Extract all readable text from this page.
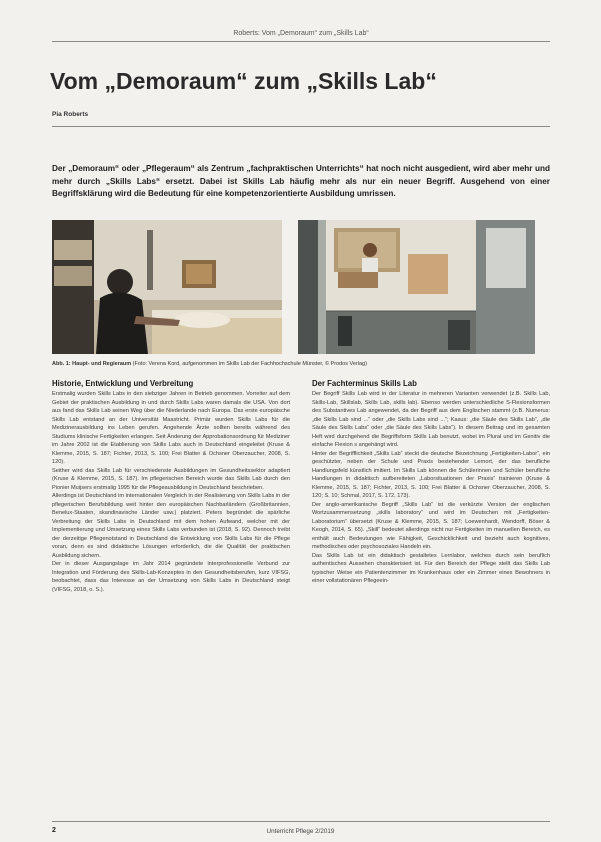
Roberts: Vom „Demoraum“ zum „Skills Lab“
Vom „Demoraum“ zum „Skills Lab“
Pia Roberts

Der „Demoraum“ oder „Pflegeraum“ als Zentrum „fachpraktischen Unterrichts“ hat noch nicht ausgedient, wird aber mehr und mehr durch „Skills Labs“ ersetzt. Dabei ist Skills Lab häufig mehr als nur ein neuer Begriff. Ausgehend von einer Begriffsklärung wird die Bedeutung für eine kompetenzorientierte Ausbildung umrissen.

Abb. 1: Haupt- und Regieraum (Foto: Verena Kord, aufgenommen im Skills Lab der Fachhochschule Münster, © Prodos Verlag)
Historie, Entwicklung und Verbreitung

Erstmalig wurden Skills Labs in den siebziger Jahren in Betrieb genommen. Vorreiter auf dem Gebiet der praktischen Ausbildung in und durch Skills Labs waren damals die USA. Von dort aus fand das Skills Lab seinen Weg über die Niederlande nach Europa. Das erste europäische Skills Lab entstand an der Universität Maastricht. Primär wurden Skills Labs für die Medizinerausbildung ins Leben gerufen. Angehende Ärzte sollten bereits während des Studiums klinische Fertigkeiten erlangen. Seit Änderung der Approbationsordnung für Mediziner im Jahre 2002 ist die Etablierung von Skills Labs auch in Deutschland eingeleitet (Kruse & Klemme, 2015, S. 187; Fichter, 2013, S. 100; Frei Blatter & Ochsner Oberzaucher, 2008, S. 120).

Seither wird das Skills Lab für verschiedenste Ausbildungen im Gesundheitssektor adaptiert (Kruse & Klemme, 2015, S. 187). Im pflegerischen Bereich wurde das Skills Lab durch den Pionier Muijsers erstmalig 1995 für die Pflegeausbildung in Deutschland beschrieben.

Allerdings ist Deutschland im internationalen Vergleich in der Realisierung von Skills Labs in der pflegerischen Berufsbildung weit hinter den europäischen Nachbarländern (Großbritannien, Benelux-Staaten, skandinavische Länder usw.) platziert. Peters begründet die spärliche Verbreitung der Skills Labs in Deutschland mit dem hohen Aufwand, welcher mit der Implementierung und Umsetzung eines Skills Labs verbunden ist (2018, S. 92). Dennoch treibt der derzeitige Pflegenotstand in Deutschland die Entwicklung von Skills Labs für die Pflege voran, denn es sind didaktische Lösungen erforderlich, die die Qualität der praktischen Ausbildung sichern.

Der in dieser Ausgangslage im Jahr 2014 gegründete interprofessionelle Verbund zur Integration und Förderung des Skills-Lab-Konzeptes in den Gesundheitsberufen, kurz VIFSG, beobachtet, dass das Interesse an der Umsetzung von Skills Labs in Deutschland steigt (VIFSG, 2018, o. S.).

Der Fachterminus Skills Lab

Der Begriff Skills Lab wird in der Literatur in mehreren Varianten verwendet (z.B. Skills Lab, Skills-Lab, Skillslab, Skills Lab, skills lab). Ebenso werden unterschiedliche S-Flexionsformen des Substantives Lab angewendet, da der Begriff aus dem Englischen stammt (z.B. Numerus: „die Skills Lab sind ...“ oder „die Skills Labs sind ...“; Kasus: „die Säule des Skills Lab“, „die Säule des Skills Labs“ oder „die Säule des Skills Labs“). In diesem Beitrag und im gesamten Heft wird durchgehend die Begriffsform Skills Lab benutzt, wobei im Plural und im Genitiv die einfache Flexion s angehängt wird.

Hinter der Begrifflichkeit „Skills Lab“ steckt die deutsche Bezeichnung „Fertigkeiten-Labor“, ein geschützter, neben der Schule und Praxis bestehender Lernort, der das berufliche Handlungsfeld künstlich imitiert. Im Skills Lab können die Schülerinnen und Schüler berufliche Handlungen in didaktisch aufbereiteten „Laborsituationen der Praxis“ trainieren (Kruse & Klemme, 2015, S. 187; Fichter, 2013, S. 100; Frei Blatter & Ochsner Oberzaucher, 2008, S. 120; S. 10; Schmal, 2017, S. 172, 173).

Der anglo-amerikanische Begriff „Skills Lab“ ist die verkürzte Version der englischen Wortzusammensetzung „skills laboratory“ und wird im Deutschen mit „Fertigkeiten-Laboratorium“ übersetzt (Kruse & Klemme, 2015, S. 187; Loewenhardt, Wendorff, Böser & Keogh, 2014, S. 65). „Skill“ bedeutet allerdings nicht nur Fertigkeiten im manuellen Bereich, es enthält auch Bedeutungen wie Fähigkeit, Geschicklichkeit und bezieht auch kognitives, methodisches oder psychosoziales Handeln ein.

Das Skills Lab ist ein didaktisch gestaltetes Lernlabor, welches durch sein beruflich authentisches Aussehen charakterisiert ist. Für den Bereich der Pflege stellt das Skills Lab typischer Weise ein Patientenzimmer im Krankenhaus oder ein Zimmer eines Bewohners in einer vollstationären Pflegeein-

2	Unterricht Pflege 2/2019
